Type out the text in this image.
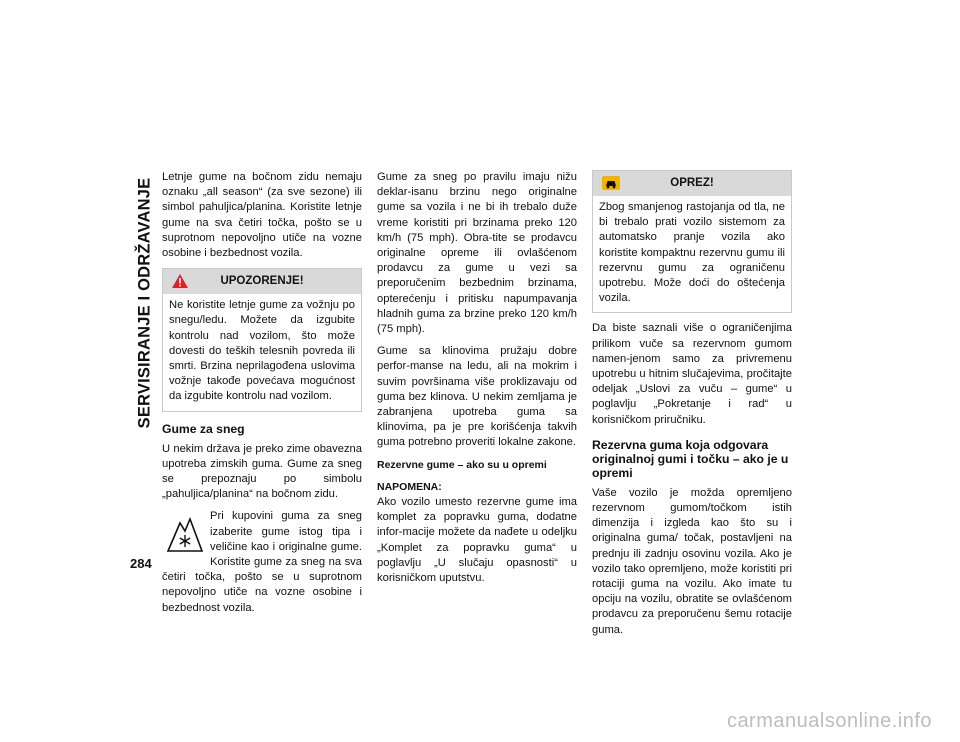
SERVISIRANJE I ODRŽAVANJE
284

Letnje gume na bočnom zidu nemaju oznaku „all season“ (za sve sezone) ili simbol pahuljica/planina. Koristite letnje gume na sva četiri točka, pošto se u suprotnom nepovoljno utiče na vozne osobine i bezbednost vozila.

UPOZORENJE!
Ne koristite letnje gume za vožnju po snegu/ledu. Možete da izgubite kontrolu nad vozilom, što može dovesti do teških telesnih povreda ili smrti. Brzina neprilagođena uslovima vožnje takođe povećava mogućnost da izgubite kontrolu nad vozilom.
Gume za sneg

U nekim država je preko zime obavezna upotreba zimskih guma. Gume za sneg se prepoznaju po simbolu „pahuljica/planina“ na bočnom zidu.

Pri kupovini guma za sneg izaberite gume istog tipa i veličine kao i originalne gume. Koristite gume za sneg na sva četiri točka, pošto se u suprotnom nepovoljno utiče na vozne osobine i bezbednost vozila.

Gume za sneg po pravilu imaju nižu deklar-isanu brzinu nego originalne gume sa vozila i ne bi ih trebalo duže vreme koristiti pri brzinama preko 120 km/h (75 mph). Obra-tite se prodavcu originalne opreme ili ovlašćenom prodavcu za gume u vezi sa preporučenim bezbednim brzinama, opterećenju i pritisku napumpavanja hladnih guma za brzine preko 120 km/h (75 mph).

Gume sa klinovima pružaju dobre perfor-manse na ledu, ali na mokrim i suvim površinama više proklizavaju od guma bez klinova. U nekim zemljama je zabranjena upotreba guma sa klinovima, pa je pre korišćenja takvih guma potrebno proveriti lokalne zakone.

Rezervne gume – ako su u opremi

NAPOMENA:
Ako vozilo umesto rezervne gume ima komplet za popravku guma, dodatne infor-macije možete da nađete u odeljku „Komplet za popravku guma“ u poglavlju „U slučaju opasnosti“ u korisničkom uputstvu.

OPREZ!
Zbog smanjenog rastojanja od tla, ne bi trebalo prati vozilo sistemom za automatsko pranje vozila ako koristite kompaktnu rezervnu gumu ili rezervnu gumu za ograničenu upotrebu. Može doći do oštećenja vozila.

Da biste saznali više o ograničenjima prilikom vuče sa rezervnom gumom namen-jenom samo za privremenu upotrebu u hitnim slučajevima, pročitajte odeljak „Uslovi za vuču – gume“ u poglavlju „Pokretanje i rad“ u korisničkom priručniku.

Rezervna guma koja odgovara originalnoj gumi i točku – ako je u opremi

Vaše vozilo je možda opremljeno rezervnom gumom/točkom istih dimenzija i izgleda kao što su i originalna guma/ točak, postavljeni na prednju ili zadnju osovinu vozila. Ako je vozilo tako opremljeno, može koristiti pri rotaciji guma na vozilu. Ako imate tu opciju na vozilu, obratite se ovlašćenom prodavcu za preporučenu šemu rotacije guma.

carmanualsonline.info
